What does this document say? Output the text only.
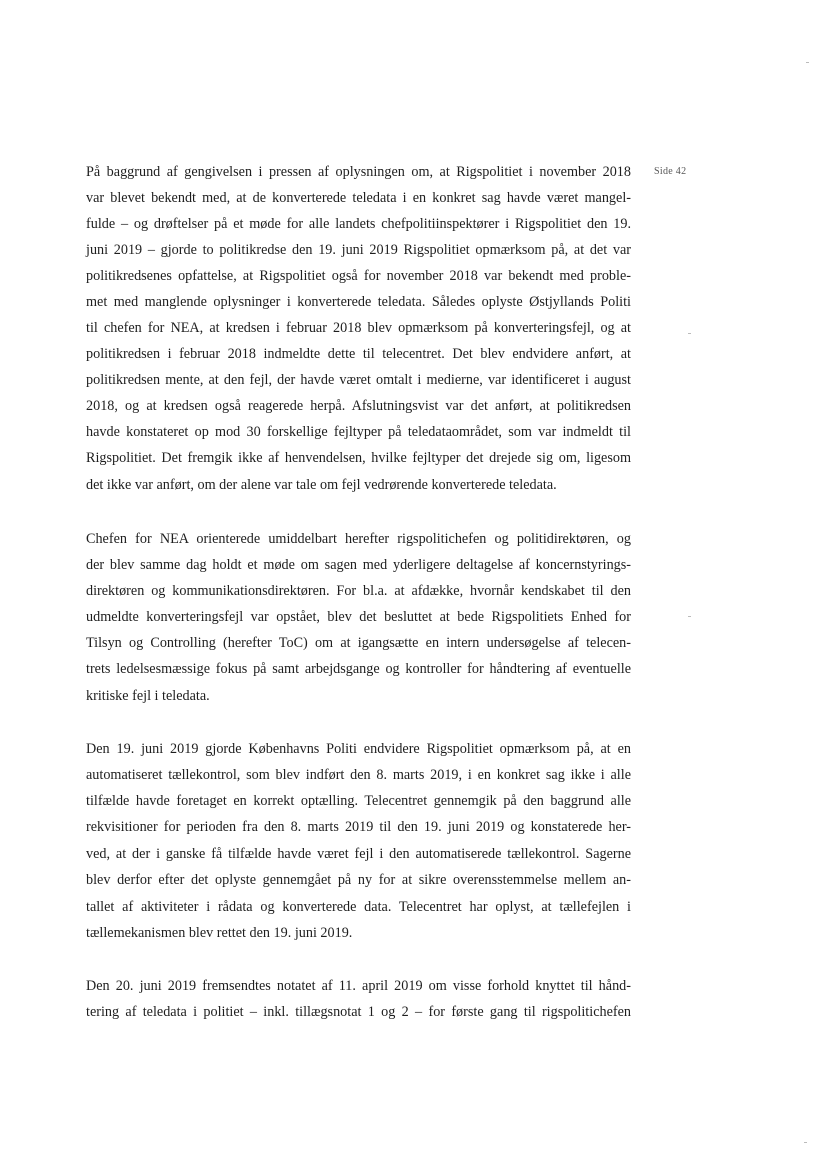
Side 42
På baggrund af gengivelsen i pressen af oplysningen om, at Rigspolitiet i november 2018
var blevet bekendt med, at de konverterede teledata i en konkret sag havde været mangel-
fulde – og drøftelser på et møde for alle landets chefpolitiinspektører i Rigspolitiet den 19.
juni 2019 – gjorde to politikredse den 19. juni 2019 Rigspolitiet opmærksom på, at det var
politikredsenes opfattelse, at Rigspolitiet også for november 2018 var bekendt med proble-
met med manglende oplysninger i konverterede teledata. Således oplyste Østjyllands Politi
til chefen for NEA, at kredsen i februar 2018 blev opmærksom på konverteringsfejl, og at
politikredsen i februar 2018 indmeldte dette til telecentret. Det blev endvidere anført, at
politikredsen mente, at den fejl, der havde været omtalt i medierne, var identificeret i august
2018, og at kredsen også reagerede herpå. Afslutningsvist var det anført, at politikredsen
havde konstateret op mod 30 forskellige fejltyper på teledataområdet, som var indmeldt til
Rigspolitiet. Det fremgik ikke af henvendelsen, hvilke fejltyper det drejede sig om, ligesom
det ikke var anført, om der alene var tale om fejl vedrørende konverterede teledata.
Chefen for NEA orienterede umiddelbart herefter rigspolitichefen og politidirektøren, og
der blev samme dag holdt et møde om sagen med yderligere deltagelse af koncernstyrings-
direktøren og kommunikationsdirektøren. For bl.a. at afdække, hvornår kendskabet til den
udmeldte konverteringsfejl var opstået, blev det besluttet at bede Rigspolitiets Enhed for
Tilsyn og Controlling (herefter ToC) om at igangsætte en intern undersøgelse af telecen-
trets ledelsesmæssige fokus på samt arbejdsgange og kontroller for håndtering af eventuelle
kritiske fejl i teledata.
Den 19. juni 2019 gjorde Københavns Politi endvidere Rigspolitiet opmærksom på, at en
automatiseret tællekontrol, som blev indført den 8. marts 2019, i en konkret sag ikke i alle
tilfælde havde foretaget en korrekt optælling. Telecentret gennemgik på den baggrund alle
rekvisitioner for perioden fra den 8. marts 2019 til den 19. juni 2019 og konstaterede her-
ved, at der i ganske få tilfælde havde været fejl i den automatiserede tællekontrol. Sagerne
blev derfor efter det oplyste gennemgået på ny for at sikre overensstemmelse mellem an-
tallet af aktiviteter i rådata og konverterede data. Telecentret har oplyst, at tællefejlen i
tællemekanismen blev rettet den 19. juni 2019.
Den 20. juni 2019 fremsendtes notatet af 11. april 2019 om visse forhold knyttet til hånd-
tering af teledata i politiet – inkl. tillægsnotat 1 og 2 – for første gang til rigspolitichefen
